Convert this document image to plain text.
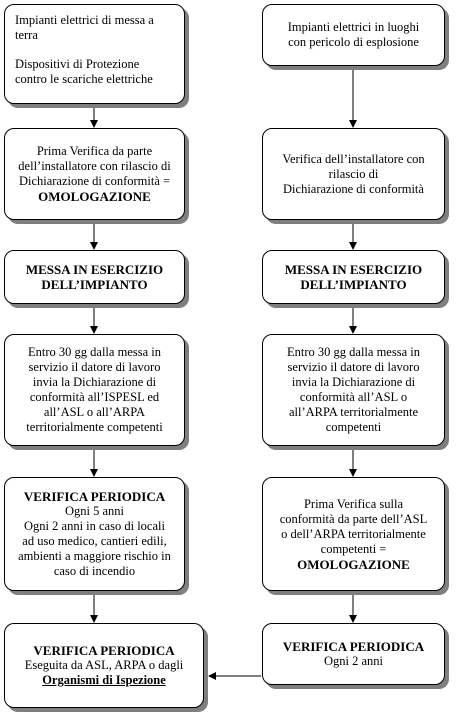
Impianti elettrici di messa a
terra
Dispositivi di Protezione
contro le scariche elettriche
Prima Verifica da parte
dell’installatore con rilascio di
Dichiarazione di conformità =
OMOLOGAZIONE
MESSA IN ESERCIZIO
DELL’IMPIANTO
Entro 30 gg dalla messa in
servizio il datore di lavoro
invia la Dichiarazione di
conformità all’ISPESL ed
all’ASL o all’ARPA
territorialmente competenti
VERIFICA PERIODICA
Ogni 5 anni
Ogni 2 anni in caso di locali
ad uso medico, cantieri edili,
ambienti a maggiore rischio in
caso di incendio
VERIFICA PERIODICA
Eseguita da ASL, ARPA o dagli
Organismi di Ispezione
Impianti elettrici in luoghi
con pericolo di esplosione
Verifica dell’installatore con
rilascio di
Dichiarazione di conformità
MESSA IN ESERCIZIO
DELL’IMPIANTO
Entro 30 gg dalla messa in
servizio il datore di lavoro
invia la Dichiarazione di
conformità all’ASL o
all’ARPA territorialmente
competenti
Prima Verifica sulla
conformità da parte dell’ASL
o dell’ARPA territorialmente
competenti =
OMOLOGAZIONE
VERIFICA PERIODICA
Ogni 2 anni
